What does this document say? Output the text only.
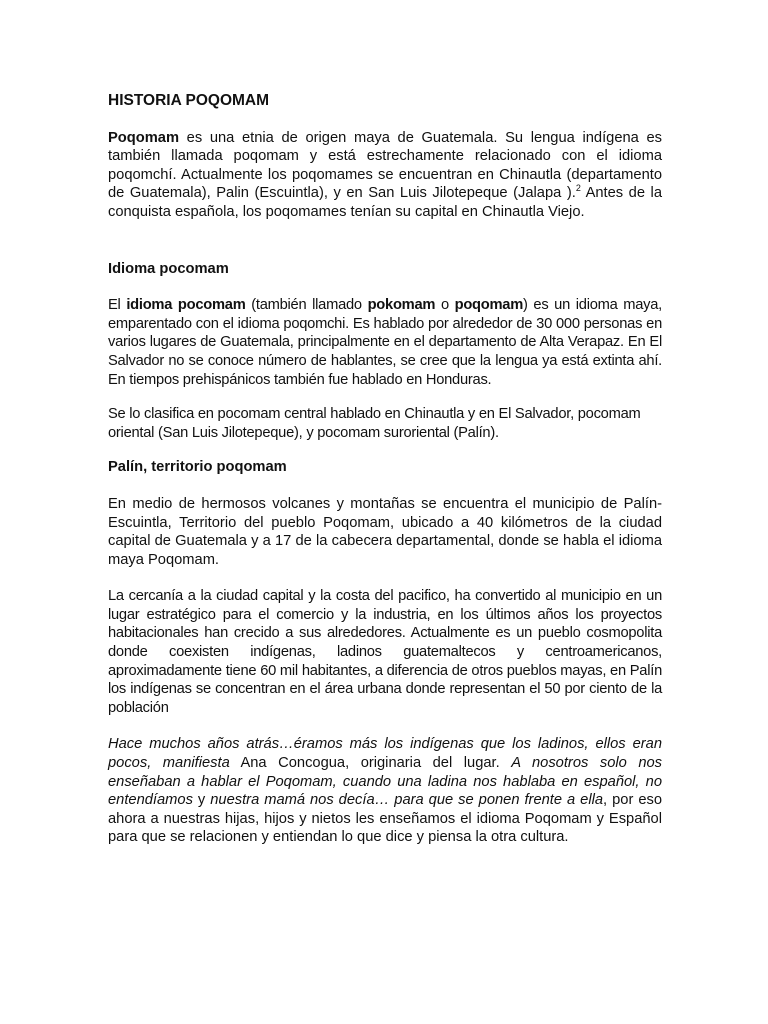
HISTORIA POQOMAM

Poqomam es una etnia de origen maya de Guatemala. Su lengua indígena es también llamada poqomam y está estrechamente relacionado con el idioma poqomchí. Actualmente los poqomames se encuentran en Chinautla (departamento de Guatemala), Palin (Escuintla), y en San Luis Jilotepeque (Jalapa ).$^2$ Antes de la conquista española, los poqomames tenían su capital en Chinautla Viejo.

Idioma pocomam

El idioma pocomam (también llamado pokomam o poqomam) es un idioma maya, emparentado con el idioma poqomchi. Es hablado por alrededor de 30 000 personas en varios lugares de Guatemala, principalmente en el departamento de Alta Verapaz. En El Salvador no se conoce número de hablantes, se cree que la lengua ya está extinta ahí. En tiempos prehispánicos también fue hablado en Honduras.

Se lo clasifica en pocomam central hablado en Chinautla y en El Salvador, pocomam oriental (San Luis Jilotepeque), y pocomam suroriental (Palín).

Palín, territorio poqomam

En medio de hermosos volcanes y montañas se encuentra el municipio de Palín-Escuintla, Territorio del pueblo Poqomam, ubicado a 40 kilómetros de la ciudad capital de Guatemala y a 17 de la cabecera departamental, donde se habla el idioma maya Poqomam.

La cercanía a la ciudad capital y la costa del pacifico, ha convertido al municipio en un lugar estratégico para el comercio y la industria, en los últimos años los proyectos habitacionales han crecido a sus alrededores. Actualmente es un pueblo cosmopolita donde coexisten indígenas, ladinos guatemaltecos y centroamericanos, aproximadamente tiene 60 mil habitantes, a diferencia de otros pueblos mayas, en Palín los indígenas se concentran en el área urbana donde representan el 50 por ciento de la población

Hace muchos años atrás…éramos más los indígenas que los ladinos, ellos eran pocos, manifiesta Ana Concogua, originaria del lugar. A nosotros solo nos enseñaban a hablar el Poqomam, cuando una ladina nos hablaba en español, no entendíamos y nuestra mamá nos decía… para que se ponen frente a ella, por eso ahora a nuestras hijas, hijos y nietos les enseñamos el idioma Poqomam y Español para que se relacionen y entiendan lo que dice y piensa la otra cultura.
